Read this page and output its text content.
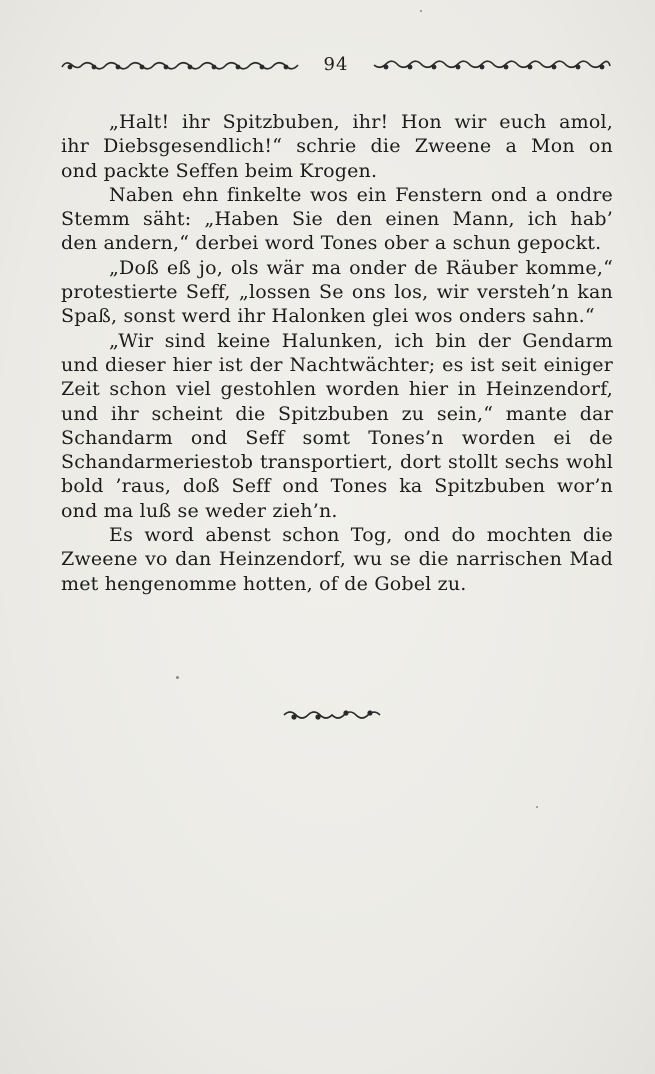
94
„Halt! ihr Spitzbuben, ihr! Hon wir euch amol,
ihr Diebsgesendlich!“ schrie die Zweene a Mon on
ond packte Seffen beim Krogen.
Naben ehn finkelte wos ein Fenstern ond a ondre
Stemm säht: „Haben Sie den einen Mann, ich hab’
den andern,“ derbei word Tones ober a schun gepockt.
„Doß eß jo, ols wär ma onder de Räuber komme,“
protestierte Seff, „lossen Se ons los, wir versteh’n kan
Spaß, sonst werd ihr Halonken glei wos onders sahn.“
„Wir sind keine Halunken, ich bin der Gendarm
und dieser hier ist der Nachtwächter; es ist seit einiger
Zeit schon viel gestohlen worden hier in Heinzendorf,
und ihr scheint die Spitzbuben zu sein,“ mante dar
Schandarm ond Seff somt Tones’n worden ei de
Schandarmeriestob transportiert, dort stollt sechs wohl
bold ’raus, doß Seff ond Tones ka Spitzbuben wor’n
ond ma luß se weder zieh’n.
Es word abenst schon Tog, ond do mochten die
Zweene vo dan Heinzendorf, wu se die narrischen Mad
met hengenomme hotten, of de Gobel zu.
